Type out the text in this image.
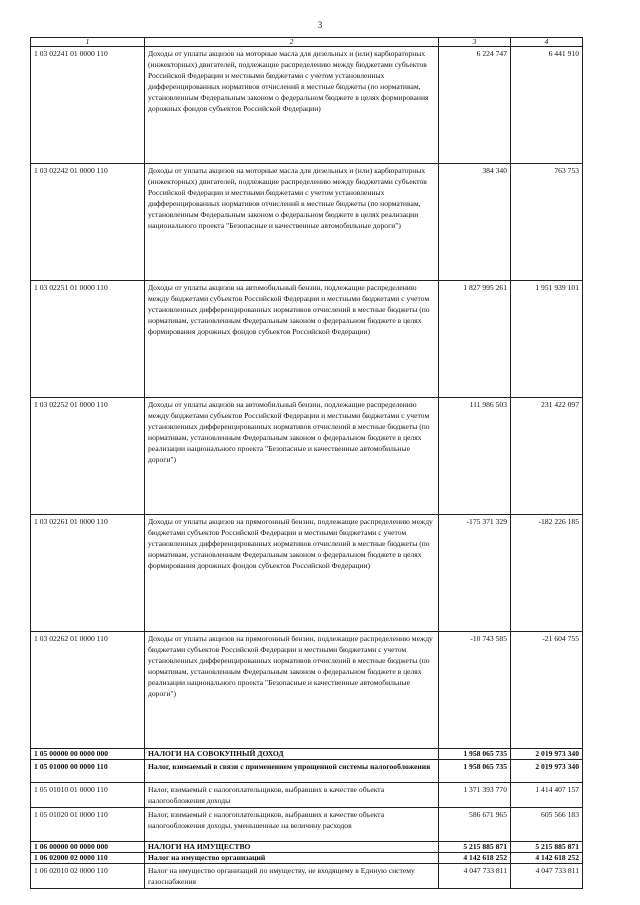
3
1	2	3	4
1 03 02241 01 0000 110	Доходы от уплаты акцизов на моторные масла для дизельных и (или) карбюраторных (инжекторных) двигателей, подлежащие распределению между бюджетами субъектов Российской Федерации и местными бюджетами с учетом установленных дифференцированных нормативов отчислений в местные бюджеты (по нормативам, установленным Федеральным законом о федеральном бюджете в целях формирования дорожных фондов субъектов Российской Федерации)	6 224 747	6 441 910
1 03 02242 01 0000 110	Доходы от уплаты акцизов на моторные масла для дизельных и (или) карбюраторных (инжекторных) двигателей, подлежащие распределению между бюджетами субъектов Российской Федерации и местными бюджетами с учетом установленных дифференцированных нормативов отчислений в местные бюджеты (по нормативам, установленным Федеральным законом о федеральном бюджете в целях реализации национального проекта "Безопасные и качественные автомобильные дороги")	384 340	763 753
1 03 02251 01 0000 110	Доходы от уплаты акцизов на автомобильный бензин, подлежащие распределению между бюджетами субъектов Российской Федерации и местными бюджетами с учетом установленных дифференцированных нормативов отчислений в местные бюджеты (по нормативам, установленным Федеральным законом о федеральном бюджете в целях формирования дорожных фондов субъектов Российской Федерации)	1 827 995 261	1 951 939 101
1 03 02252 01 0000 110	Доходы от уплаты акцизов на автомобильный бензин, подлежащие распределению между бюджетами субъектов Российской Федерации и местными бюджетами с учетом установленных дифференцированных нормативов отчислений в местные бюджеты (по нормативам, установленным Федеральным законом о федеральном бюджете в целях реализации национального проекта "Безопасные и качественные автомобильные дороги")	111 986 503	231 422 097
1 03 02261 01 0000 110	Доходы от уплаты акцизов на прямогонный бензин, подлежащие распределению между бюджетами субъектов Российской Федерации и местными бюджетами с учетом установленных дифференцированных нормативов отчислений в местные бюджеты (по нормативам, установленным Федеральным законом о федеральном бюджете в целях формирования дорожных фондов субъектов Российской Федерации)	-175 371 329	-182 226 185
1 03 02262 01 0000 110	Доходы от уплаты акцизов на прямогонный бензин, подлежащие распределению между бюджетами субъектов Российской Федерации и местными бюджетами с учетом установленных дифференцированных нормативов отчислений в местные бюджеты (по нормативам, установленным Федеральным законом о федеральном бюджете в целях реализации национального проекта "Безопасные и качественные автомобильные дороги")	-10 743 585	-21 604 755
1 05 00000 00 0000 000	НАЛОГИ НА СОВОКУПНЫЙ ДОХОД	1 958 065 735	2 019 973 340
1 05 01000 00 0000 110	Налог, взимаемый в связи с применением упрощенной системы налогообложения	1 958 065 735	2 019 973 340
1 05 01010 01 0000 110	Налог, взимаемый с налогоплательщиков, выбравших в качестве объекта налогообложения доходы	1 371 393 770	1 414 407 157
1 05 01020 01 0000 110	Налог, взимаемый с налогоплательщиков, выбравших в качестве объекта налогообложения доходы, уменьшенные на величину расходов	586 671 965	605 566 183
1 06 00000 00 0000 000	НАЛОГИ НА ИМУЩЕСТВО	5 215 885 871	5 215 885 871
1 06 02000 02 0000 110	Налог на имущество организаций	4 142 618 252	4 142 618 252
1 06 02010 02 0000 110	Налог на имущество организаций по имуществу, не входящему в Единую систему газоснабжения	4 047 733 811	4 047 733 811
